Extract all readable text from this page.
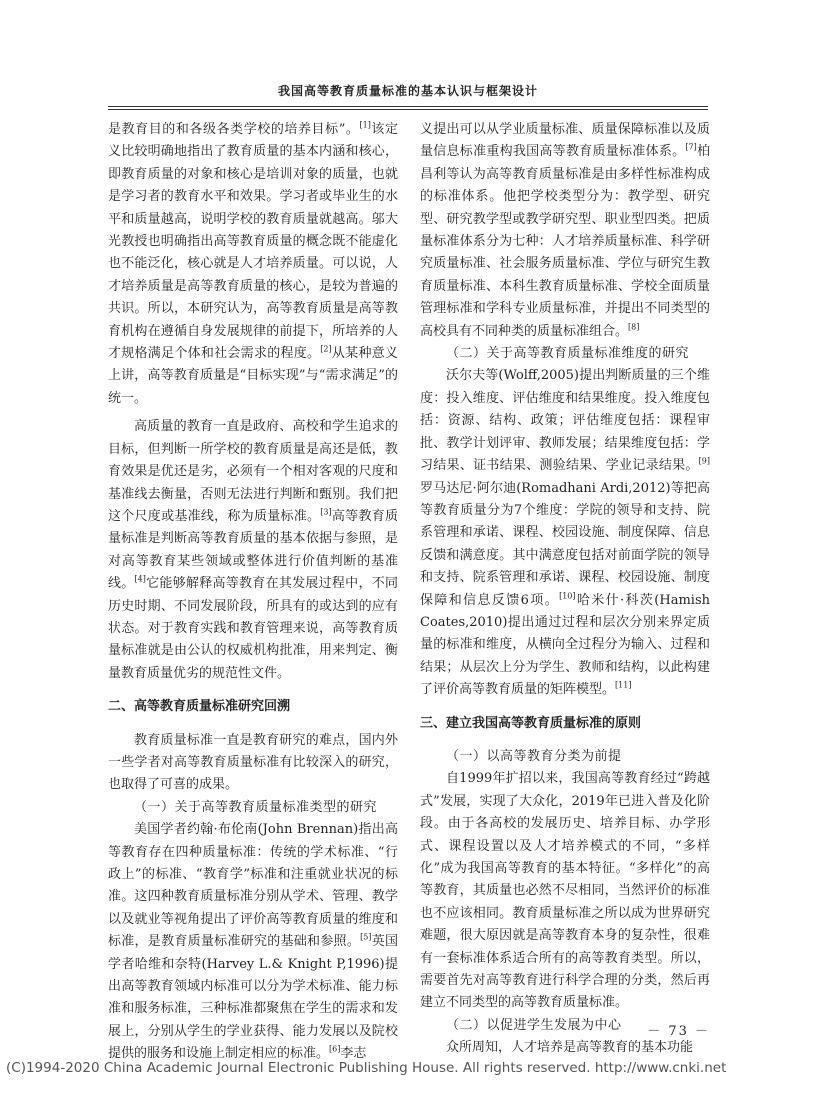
我国高等教育质量标准的基本认识与框架设计

是教育目的和各级各类学校的培养目标”。[1]该定义比较明确地指出了教育质量的基本内涵和核心，即教育质量的对象和核心是培训对象的质量，也就是学习者的教育水平和效果。学习者或毕业生的水平和质量越高，说明学校的教育质量就越高。邬大光教授也明确指出高等教育质量的概念既不能虚化也不能泛化，核心就是人才培养质量。可以说，人才培养质量是高等教育质量的核心，是较为普遍的共识。所以，本研究认为，高等教育质量是高等教育机构在遵循自身发展规律的前提下，所培养的人才规格满足个体和社会需求的程度。[2]从某种意义上讲，高等教育质量是“目标实现”与“需求满足”的统一。

高质量的教育一直是政府、高校和学生追求的目标，但判断一所学校的教育质量是高还是低，教育效果是优还是劣，必须有一个相对客观的尺度和基准线去衡量，否则无法进行判断和甄别。我们把这个尺度或基准线，称为质量标准。[3]高等教育质量标准是判断高等教育质量的基本依据与参照，是对高等教育某些领域或整体进行价值判断的基准线。[4]它能够解释高等教育在其发展过程中，不同历史时期、不同发展阶段，所具有的或达到的应有状态。对于教育实践和教育管理来说，高等教育质量标准就是由公认的权威机构批准，用来判定、衡量教育质量优劣的规范性文件。

二、高等教育质量标准研究回溯

教育质量标准一直是教育研究的难点，国内外一些学者对高等教育质量标准有比较深入的研究，也取得了可喜的成果。

（一）关于高等教育质量标准类型的研究

美国学者约翰·布伦南(John Brennan)指出高等教育存在四种质量标准：传统的学术标准、“行政上”的标准、“教育学”标准和注重就业状况的标准。这四种教育质量标准分别从学术、管理、教学以及就业等视角提出了评价高等教育质量的维度和标准，是教育质量标准研究的基础和参照。[5]英国学者哈维和奈特(Harvey L.& Knight P,1996)提出高等教育领域内标准可以分为学术标准、能力标准和服务标准，三种标准都聚焦在学生的需求和发展上，分别从学生的学业获得、能力发展以及院校提供的服务和设施上制定相应的标准。[6]李志

义提出可以从学业质量标准、质量保障标准以及质量信息标准重构我国高等教育质量标准体系。[7]柏昌利等认为高等教育质量标准是由多样性标准构成的标准体系。他把学校类型分为：教学型、研究型、研究教学型或教学研究型、职业型四类。把质量标准体系分为七种：人才培养质量标准、科学研究质量标准、社会服务质量标准、学位与研究生教育质量标准、本科生教育质量标准、学校全面质量管理标准和学科专业质量标准，并提出不同类型的高校具有不同种类的质量标准组合。[8]

（二）关于高等教育质量标准维度的研究

沃尔夫等(Wolff,2005)提出判断质量的三个维度：投入维度、评估维度和结果维度。投入维度包括：资源、结构、政策；评估维度包括：课程审批、教学计划评审、教师发展；结果维度包括：学习结果、证书结果、测验结果、学业记录结果。[9]罗马达尼·阿尔迪(Romadhani Ardi,2012)等把高等教育质量分为7个维度：学院的领导和支持、院系管理和承诺、课程、校园设施、制度保障、信息反馈和满意度。其中满意度包括对前面学院的领导和支持、院系管理和承诺、课程、校园设施、制度保障和信息反馈6项。[10]哈米什·科茨(Hamish Coates,2010)提出通过过程和层次分别来界定质量的标准和维度，从横向全过程分为输入、过程和结果；从层次上分为学生、教师和结构，以此构建了评价高等教育质量的矩阵模型。[11]

三、建立我国高等教育质量标准的原则

（一）以高等教育分类为前提

自1999年扩招以来，我国高等教育经过“跨越式”发展，实现了大众化，2019年已进入普及化阶段。由于各高校的发展历史、培养目标、办学形式、课程设置以及人才培养模式的不同，“多样化”成为我国高等教育的基本特征。“多样化”的高等教育，其质量也必然不尽相同，当然评价的标准也不应该相同。教育质量标准之所以成为世界研究难题，很大原因就是高等教育本身的复杂性，很难有一套标准体系适合所有的高等教育类型。所以，需要首先对高等教育进行科学合理的分类，然后再建立不同类型的高等教育质量标准。

（二）以促进学生发展为中心

众所周知，人才培养是高等教育的基本功能

－ 73 －
(C)1994-2020 China Academic Journal Electronic Publishing House. All rights reserved. http://www.cnki.net
